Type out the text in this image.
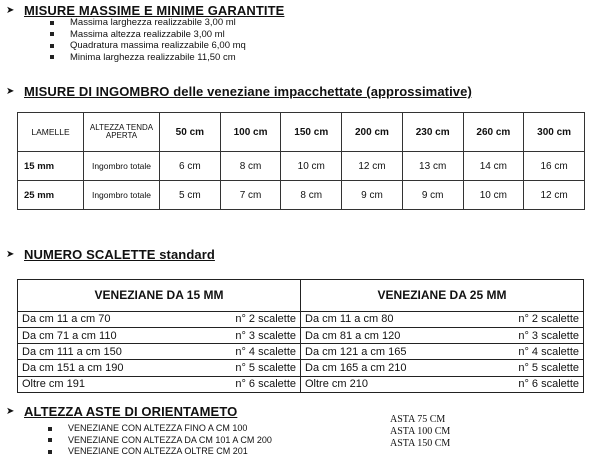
➤ MISURE MASSIME E MINIME GARANTITE
Massima larghezza realizzabile 3,00 ml
Massima altezza realizzabile 3,00 ml
Quadratura massima realizzabile 6,00 mq
Minima larghezza realizzabile 11,50 cm
➤ MISURE DI INGOMBRO delle veneziane impacchettate (approssimative)
LAMELLE	ALTEZZA TENDA APERTA	50 cm	100 cm	150 cm	200 cm	230 cm	260 cm	300 cm
15 mm	Ingombro totale	6 cm	8 cm	10 cm	12 cm	13 cm	14 cm	16 cm
25 mm	Ingombro totale	5 cm	7 cm	8 cm	9 cm	9 cm	10 cm	12 cm
➤ NUMERO SCALETTE standard
VENEZIANE DA 15 MM
Da cm 11 a cm 70	n° 2 scalette
Da cm 71 a cm 110	n° 3 scalette
Da cm 111 a cm 150	n° 4 scalette
Da cm 151 a cm 190	n° 5 scalette
Oltre cm 191	n° 6 scalette
VENEZIANE DA 25 MM
Da cm 11 a cm 80	n° 2 scalette
Da cm 81 a cm 120	n° 3 scalette
Da cm 121 a cm 165	n° 4 scalette
Da cm 165 a cm 210	n° 5 scalette
Oltre cm 210	n° 6 scalette
➤ ALTEZZA ASTE DI ORIENTAMETO
VENEZIANE CON ALTEZZA FINO A CM 100
VENEZIANE CON ALTEZZA DA CM 101 A CM 200
VENEZIANE CON ALTEZZA OLTRE CM 201
ASTA 75 CM
ASTA 100 CM
ASTA 150 CM
